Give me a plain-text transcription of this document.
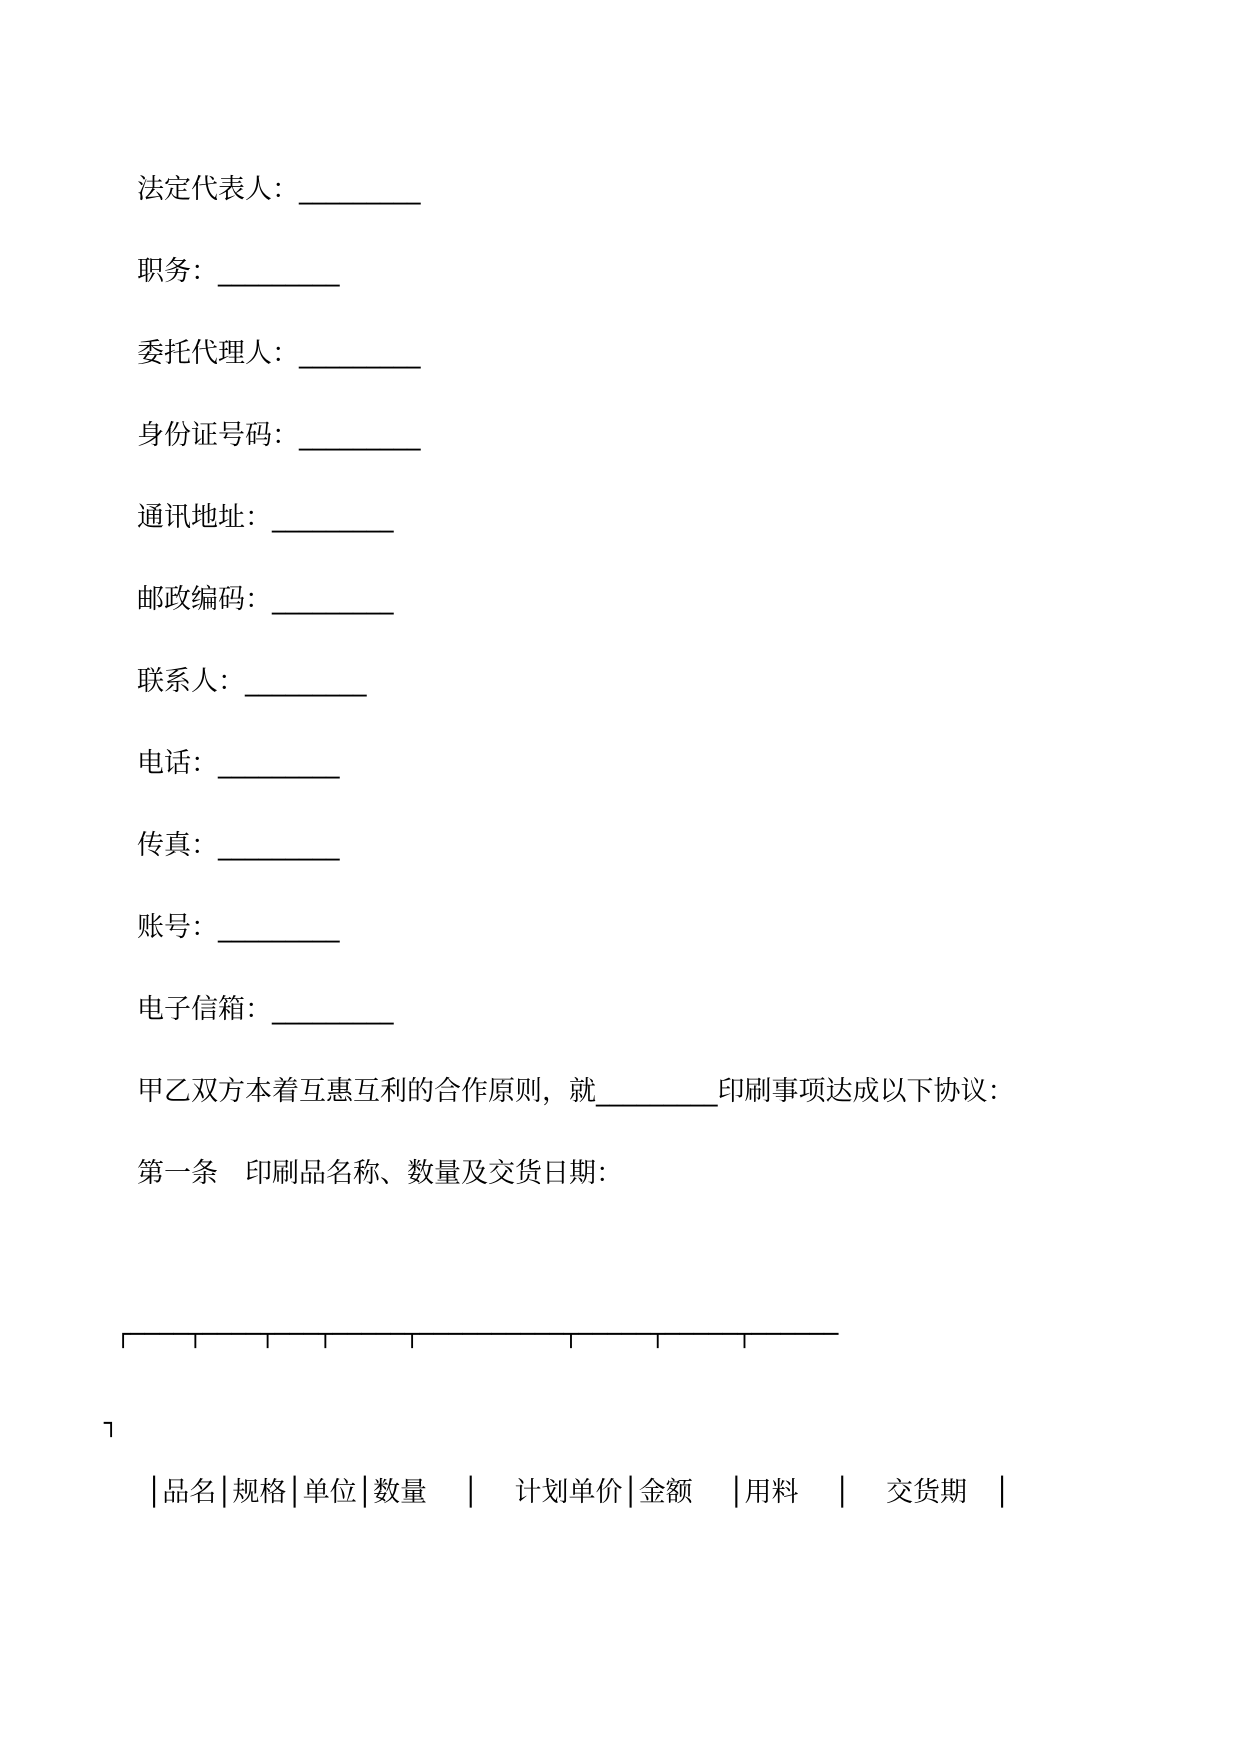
法定代表人：_________
职务：_________
委托代理人：_________
身份证号码：_________
通讯地址：_________
邮政编码：_________
联系人：_________
电话：_________
传真：_________
账号：_________
电子信箱：_________
甲乙双方本着互惠互利的合作原则，就_________印刷事项达成以下协议：
第一条　印刷品名称、数量及交货日期：
┌────┬────┬───┬─────┬──────────┬─────┬─────┬──────
┐
│品名│规格│单位│数量　 │　 计划单价│金额　 │用料　 │　 交货期　│
